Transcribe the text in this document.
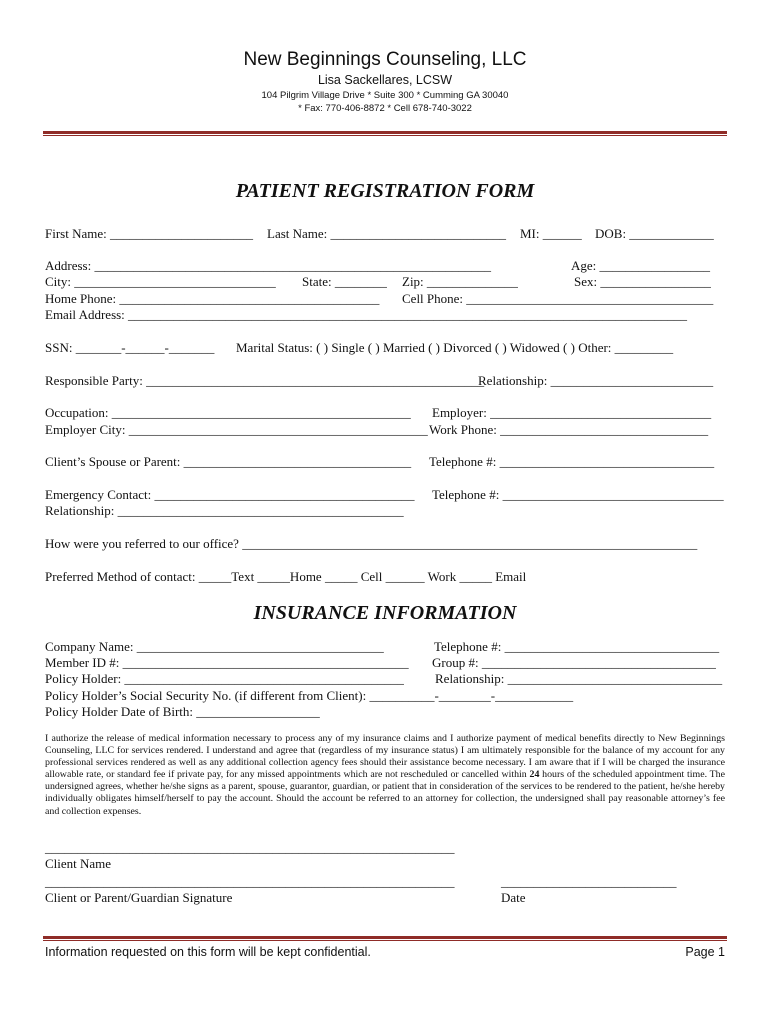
New Beginnings Counseling, LLC
Lisa Sackellares, LCSW
104 Pilgrim Village Drive * Suite 300 * Cumming GA 30040
* Fax: 770-406-8872 * Cell 678-740-3022
PATIENT REGISTRATION FORM
First Name: ______________________ Last Name: ___________________________ MI: ______ DOB: _____________
Address: _____________________________________________________________	Age: _________________
City: _______________________________ State: ________ Zip: ______________	Sex: _________________
Home Phone: ________________________________________ Cell Phone: ______________________________________
Email Address: ______________________________________________________________________________________
SSN: _______-______-_______ Marital Status: ( ) Single ( ) Married ( ) Divorced ( ) Widowed ( ) Other: _________
Responsible Party: ____________________________________________________
Relationship: _________________________
Occupation: ______________________________________________ Employer: __________________________________
Employer City: ______________________________________________ Work Phone: ________________________________
Client’s Spouse or Parent: ___________________________________ Telephone #: _________________________________
Emergency Contact: ________________________________________ Telephone #: __________________________________
Relationship: ____________________________________________
How were you referred to our office? ______________________________________________________________________
Preferred Method of contact: _____Text _____Home _____ Cell ______ Work _____ Email
INSURANCE INFORMATION
Company Name: ______________________________________	Telephone #: _________________________________
Member ID #: ____________________________________________ Group #: ____________________________________
Policy Holder: ___________________________________________ Relationship: _________________________________
Policy Holder’s Social Security No. (if different from Client): __________-________-____________
Policy Holder Date of Birth: ___________________
I authorize the release of medical information necessary to process any of my insurance claims and I authorize payment of medical benefits directly to New Beginnings Counseling, LLC for services rendered. I understand and agree that (regardless of my insurance status) I am ultimately responsible for the balance of my account for any professional services rendered as well as any additional collection agency fees should their assistance become necessary. I am aware that if I will be charged the insurance allowable rate, or standard fee if private pay, for any missed appointments which are not rescheduled or cancelled within 24 hours of the scheduled appointment time. The undersigned agrees, whether he/she signs as a parent, spouse, guarantor, guardian, or patient that in consideration of the services to be rendered to the patient, he/she hereby individually obligates himself/herself to pay the account. Should the account be referred to an attorney for collection, the undersigned shall pay reasonable attorney’s fee and collection expenses.
_______________________________________________________________
Client Name
_______________________________________________________________	___________________________
Client or Parent/Guardian Signature	Date
Information requested on this form will be kept confidential.	Page 1
